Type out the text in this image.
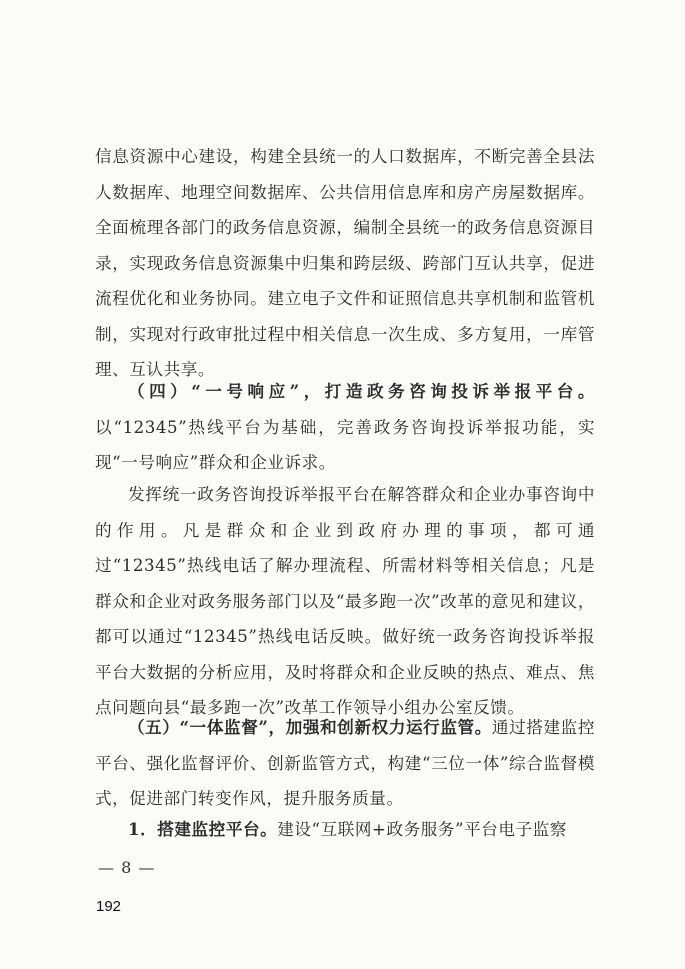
信息资源中心建设，构建全县统一的人口数据库，不断完善全县法人数据库、地理空间数据库、公共信用信息库和房产房屋数据库。全面梳理各部门的政务信息资源，编制全县统一的政务信息资源目录，实现政务信息资源集中归集和跨层级、跨部门互认共享，促进流程优化和业务协同。建立电子文件和证照信息共享机制和监管机制，实现对行政审批过程中相关信息一次生成、多方复用，一库管理、互认共享。

（四）“一号响应”，打造政务咨询投诉举报平台。以“12345”热线平台为基础，完善政务咨询投诉举报功能，实现“一号响应”群众和企业诉求。

发挥统一政务咨询投诉举报平台在解答群众和企业办事咨询中的作用。凡是群众和企业到政府办理的事项，都可通过“12345”热线电话了解办理流程、所需材料等相关信息；凡是群众和企业对政务服务部门以及“最多跑一次”改革的意见和建议，都可以通过“12345”热线电话反映。做好统一政务咨询投诉举报平台大数据的分析应用，及时将群众和企业反映的热点、难点、焦点问题向县“最多跑一次”改革工作领导小组办公室反馈。

（五）“一体监督”，加强和创新权力运行监管。通过搭建监控平台、强化监督评价、创新监管方式，构建“三位一体”综合监督模式，促进部门转变作风，提升服务质量。

1．搭建监控平台。建设“互联网+政务服务”平台电子监察

— 8 —
192
